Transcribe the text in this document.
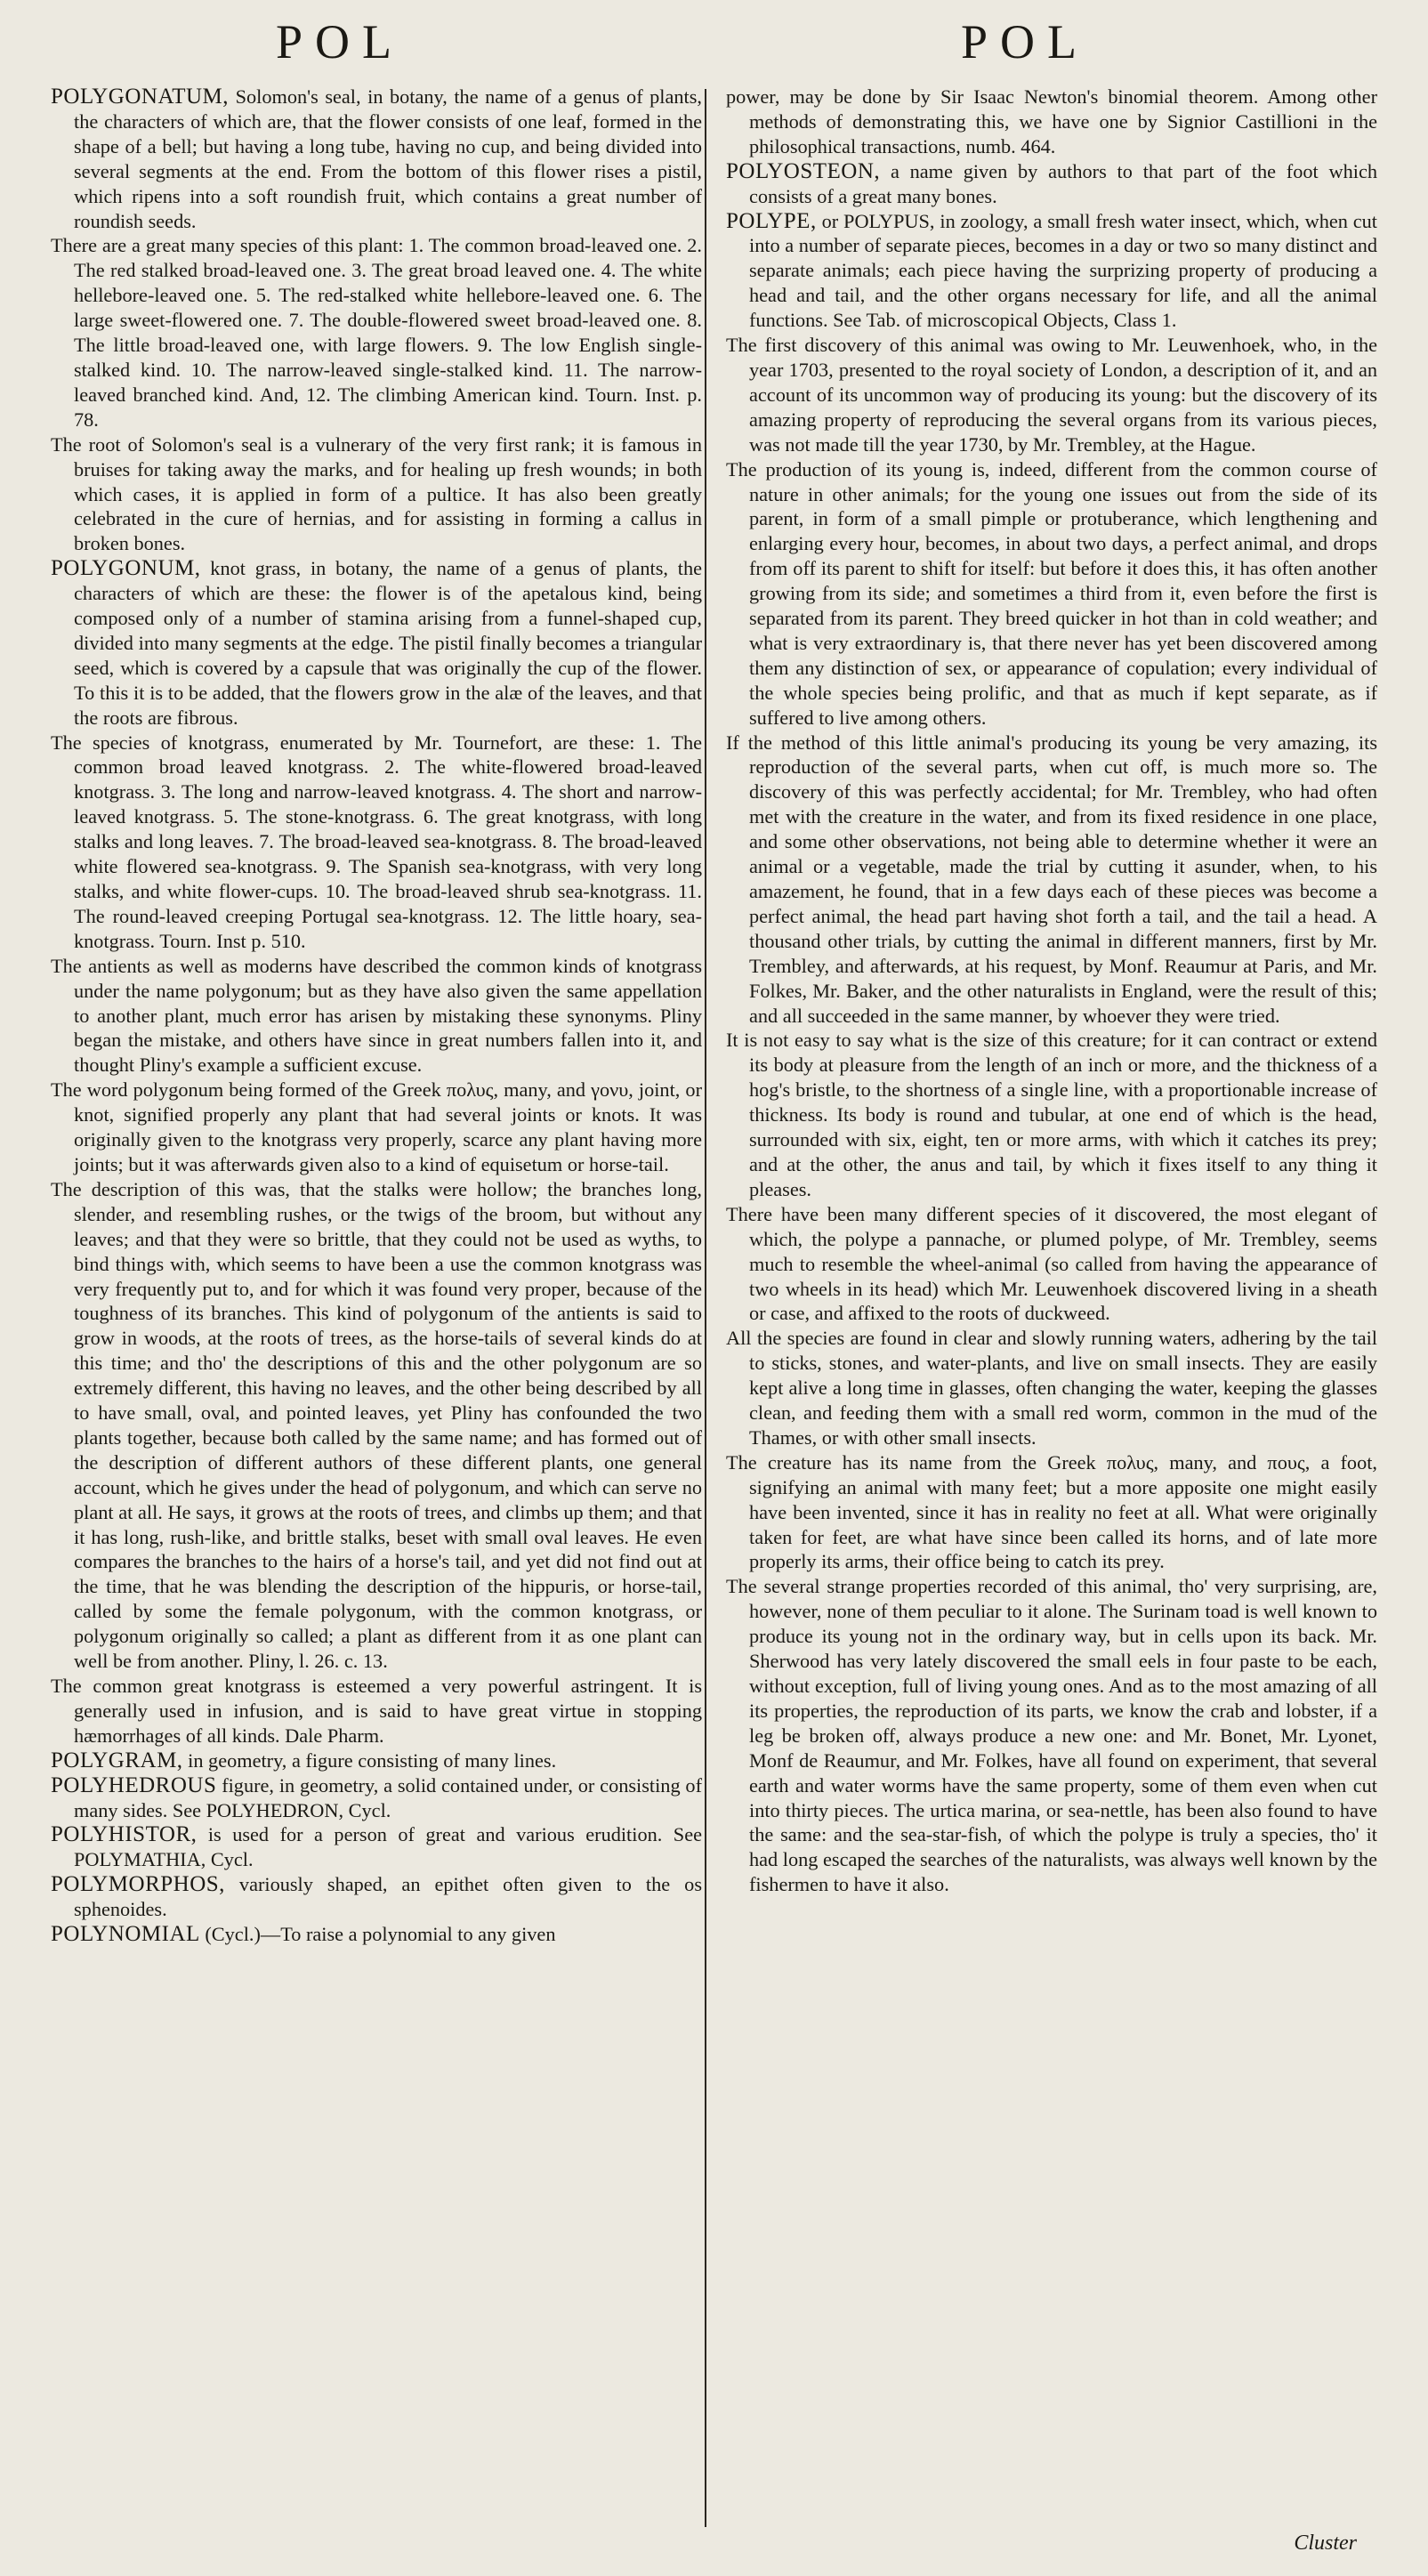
POL	POL

POLYGONATUM, Solomon's seal, in botany, the name of a genus of plants, the characters of which are, that the flower consists of one leaf, formed in the shape of a bell; but having a long tube, having no cup, and being divided into several segments at the end. From the bottom of this flower rises a pistil, which ripens into a soft roundish fruit, which contains a great number of roundish seeds.

There are a great many species of this plant: 1. The common broad-leaved one. 2. The red stalked broad-leaved one. 3. The great broad leaved one. 4. The white hellebore-leaved one. 5. The red-stalked white hellebore-leaved one. 6. The large sweet-flowered one. 7. The double-flowered sweet broad-leaved one. 8. The little broad-leaved one, with large flowers. 9. The low English single-stalked kind. 10. The narrow-leaved single-stalked kind. 11. The narrow-leaved branched kind. And, 12. The climbing American kind. Tourn. Inst. p. 78.

The root of Solomon's seal is a vulnerary of the very first rank; it is famous in bruises for taking away the marks, and for healing up fresh wounds; in both which cases, it is applied in form of a pultice. It has also been greatly celebrated in the cure of hernias, and for assisting in forming a callus in broken bones.

POLYGONUM, knot grass, in botany, the name of a genus of plants, the characters of which are these: the flower is of the apetalous kind, being composed only of a number of stamina arising from a funnel-shaped cup, divided into many segments at the edge. The pistil finally becomes a triangular seed, which is covered by a capsule that was originally the cup of the flower. To this it is to be added, that the flowers grow in the alæ of the leaves, and that the roots are fibrous.

The species of knotgrass, enumerated by Mr. Tournefort, are these: 1. The common broad leaved knotgrass. 2. The white-flowered broad-leaved knotgrass. 3. The long and narrow-leaved knotgrass. 4. The short and narrow-leaved knotgrass. 5. The stone-knotgrass. 6. The great knotgrass, with long stalks and long leaves. 7. The broad-leaved sea-knotgrass. 8. The broad-leaved white flowered sea-knotgrass. 9. The Spanish sea-knotgrass, with very long stalks, and white flower-cups. 10. The broad-leaved shrub sea-knotgrass. 11. The round-leaved creeping Portugal sea-knotgrass. 12. The little hoary, sea-knotgrass. Tourn. Inst p. 510.

The antients as well as moderns have described the common kinds of knotgrass under the name polygonum; but as they have also given the same appellation to another plant, much error has arisen by mistaking these synonyms. Pliny began the mistake, and others have since in great numbers fallen into it, and thought Pliny's example a sufficient excuse.

The word polygonum being formed of the Greek πολυς, many, and γονυ, joint, or knot, signified properly any plant that had several joints or knots. It was originally given to the knotgrass very properly, scarce any plant having more joints; but it was afterwards given also to a kind of equisetum or horse-tail.

The description of this was, that the stalks were hollow; the branches long, slender, and resembling rushes, or the twigs of the broom, but without any leaves; and that they were so brittle, that they could not be used as wyths, to bind things with, which seems to have been a use the common knotgrass was very frequently put to, and for which it was found very proper, because of the toughness of its branches. This kind of polygonum of the antients is said to grow in woods, at the roots of trees, as the horse-tails of several kinds do at this time; and tho' the descriptions of this and the other polygonum are so extremely different, this having no leaves, and the other being described by all to have small, oval, and pointed leaves, yet Pliny has confounded the two plants together, because both called by the same name; and has formed out of the description of different authors of these different plants, one general account, which he gives under the head of polygonum, and which can serve no plant at all. He says, it grows at the roots of trees, and climbs up them; and that it has long, rush-like, and brittle stalks, beset with small oval leaves. He even compares the branches to the hairs of a horse's tail, and yet did not find out at the time, that he was blending the description of the hippuris, or horse-tail, called by some the female polygonum, with the common knotgrass, or polygonum originally so called; a plant as different from it as one plant can well be from another. Pliny, l. 26. c. 13.

The common great knotgrass is esteemed a very powerful astringent. It is generally used in infusion, and is said to have great virtue in stopping hæmorrhages of all kinds. Dale Pharm.

POLYGRAM, in geometry, a figure consisting of many lines.

POLYHEDROUS figure, in geometry, a solid contained under, or consisting of many sides. See POLYHEDRON, Cycl.

POLYHISTOR, is used for a person of great and various erudition. See POLYMATHIA, Cycl.

POLYMORPHOS, variously shaped, an epithet often given to the os sphenoides.

POLYNOMIAL (Cycl.)—To raise a polynomial to any given

power, may be done by Sir Isaac Newton's binomial theorem. Among other methods of demonstrating this, we have one by Signior Castillioni in the philosophical transactions, numb. 464.

POLYOSTEON, a name given by authors to that part of the foot which consists of a great many bones.

POLYPE, or POLYPUS, in zoology, a small fresh water insect, which, when cut into a number of separate pieces, becomes in a day or two so many distinct and separate animals; each piece having the surprizing property of producing a head and tail, and the other organs necessary for life, and all the animal functions. See Tab. of microscopical Objects, Class 1.

The first discovery of this animal was owing to Mr. Leuwenhoek, who, in the year 1703, presented to the royal society of London, a description of it, and an account of its uncommon way of producing its young: but the discovery of its amazing property of reproducing the several organs from its various pieces, was not made till the year 1730, by Mr. Trembley, at the Hague.

The production of its young is, indeed, different from the common course of nature in other animals; for the young one issues out from the side of its parent, in form of a small pimple or protuberance, which lengthening and enlarging every hour, becomes, in about two days, a perfect animal, and drops from off its parent to shift for itself: but before it does this, it has often another growing from its side; and sometimes a third from it, even before the first is separated from its parent. They breed quicker in hot than in cold weather; and what is very extraordinary is, that there never has yet been discovered among them any distinction of sex, or appearance of copulation; every individual of the whole species being prolific, and that as much if kept separate, as if suffered to live among others.

If the method of this little animal's producing its young be very amazing, its reproduction of the several parts, when cut off, is much more so. The discovery of this was perfectly accidental; for Mr. Trembley, who had often met with the creature in the water, and from its fixed residence in one place, and some other observations, not being able to determine whether it were an animal or a vegetable, made the trial by cutting it asunder, when, to his amazement, he found, that in a few days each of these pieces was become a perfect animal, the head part having shot forth a tail, and the tail a head. A thousand other trials, by cutting the animal in different manners, first by Mr. Trembley, and afterwards, at his request, by Monf. Reaumur at Paris, and Mr. Folkes, Mr. Baker, and the other naturalists in England, were the result of this; and all succeeded in the same manner, by whoever they were tried.

It is not easy to say what is the size of this creature; for it can contract or extend its body at pleasure from the length of an inch or more, and the thickness of a hog's bristle, to the shortness of a single line, with a proportionable increase of thickness. Its body is round and tubular, at one end of which is the head, surrounded with six, eight, ten or more arms, with which it catches its prey; and at the other, the anus and tail, by which it fixes itself to any thing it pleases.

There have been many different species of it discovered, the most elegant of which, the polype a pannache, or plumed polype, of Mr. Trembley, seems much to resemble the wheel-animal (so called from having the appearance of two wheels in its head) which Mr. Leuwenhoek discovered living in a sheath or case, and affixed to the roots of duckweed.

All the species are found in clear and slowly running waters, adhering by the tail to sticks, stones, and water-plants, and live on small insects. They are easily kept alive a long time in glasses, often changing the water, keeping the glasses clean, and feeding them with a small red worm, common in the mud of the Thames, or with other small insects.

The creature has its name from the Greek πολυς, many, and πους, a foot, signifying an animal with many feet; but a more apposite one might easily have been invented, since it has in reality no feet at all. What were originally taken for feet, are what have since been called its horns, and of late more properly its arms, their office being to catch its prey.

The several strange properties recorded of this animal, tho' very surprising, are, however, none of them peculiar to it alone. The Surinam toad is well known to produce its young not in the ordinary way, but in cells upon its back. Mr. Sherwood has very lately discovered the small eels in four paste to be each, without exception, full of living young ones. And as to the most amazing of all its properties, the reproduction of its parts, we know the crab and lobster, if a leg be broken off, always produce a new one: and Mr. Bonet, Mr. Lyonet, Monf de Reaumur, and Mr. Folkes, have all found on experiment, that several earth and water worms have the same property, some of them even when cut into thirty pieces. The urtica marina, or sea-nettle, has been also found to have the same: and the sea-star-fish, of which the polype is truly a species, tho' it had long escaped the searches of the naturalists, was always well known by the fishermen to have it also.

Cluster
